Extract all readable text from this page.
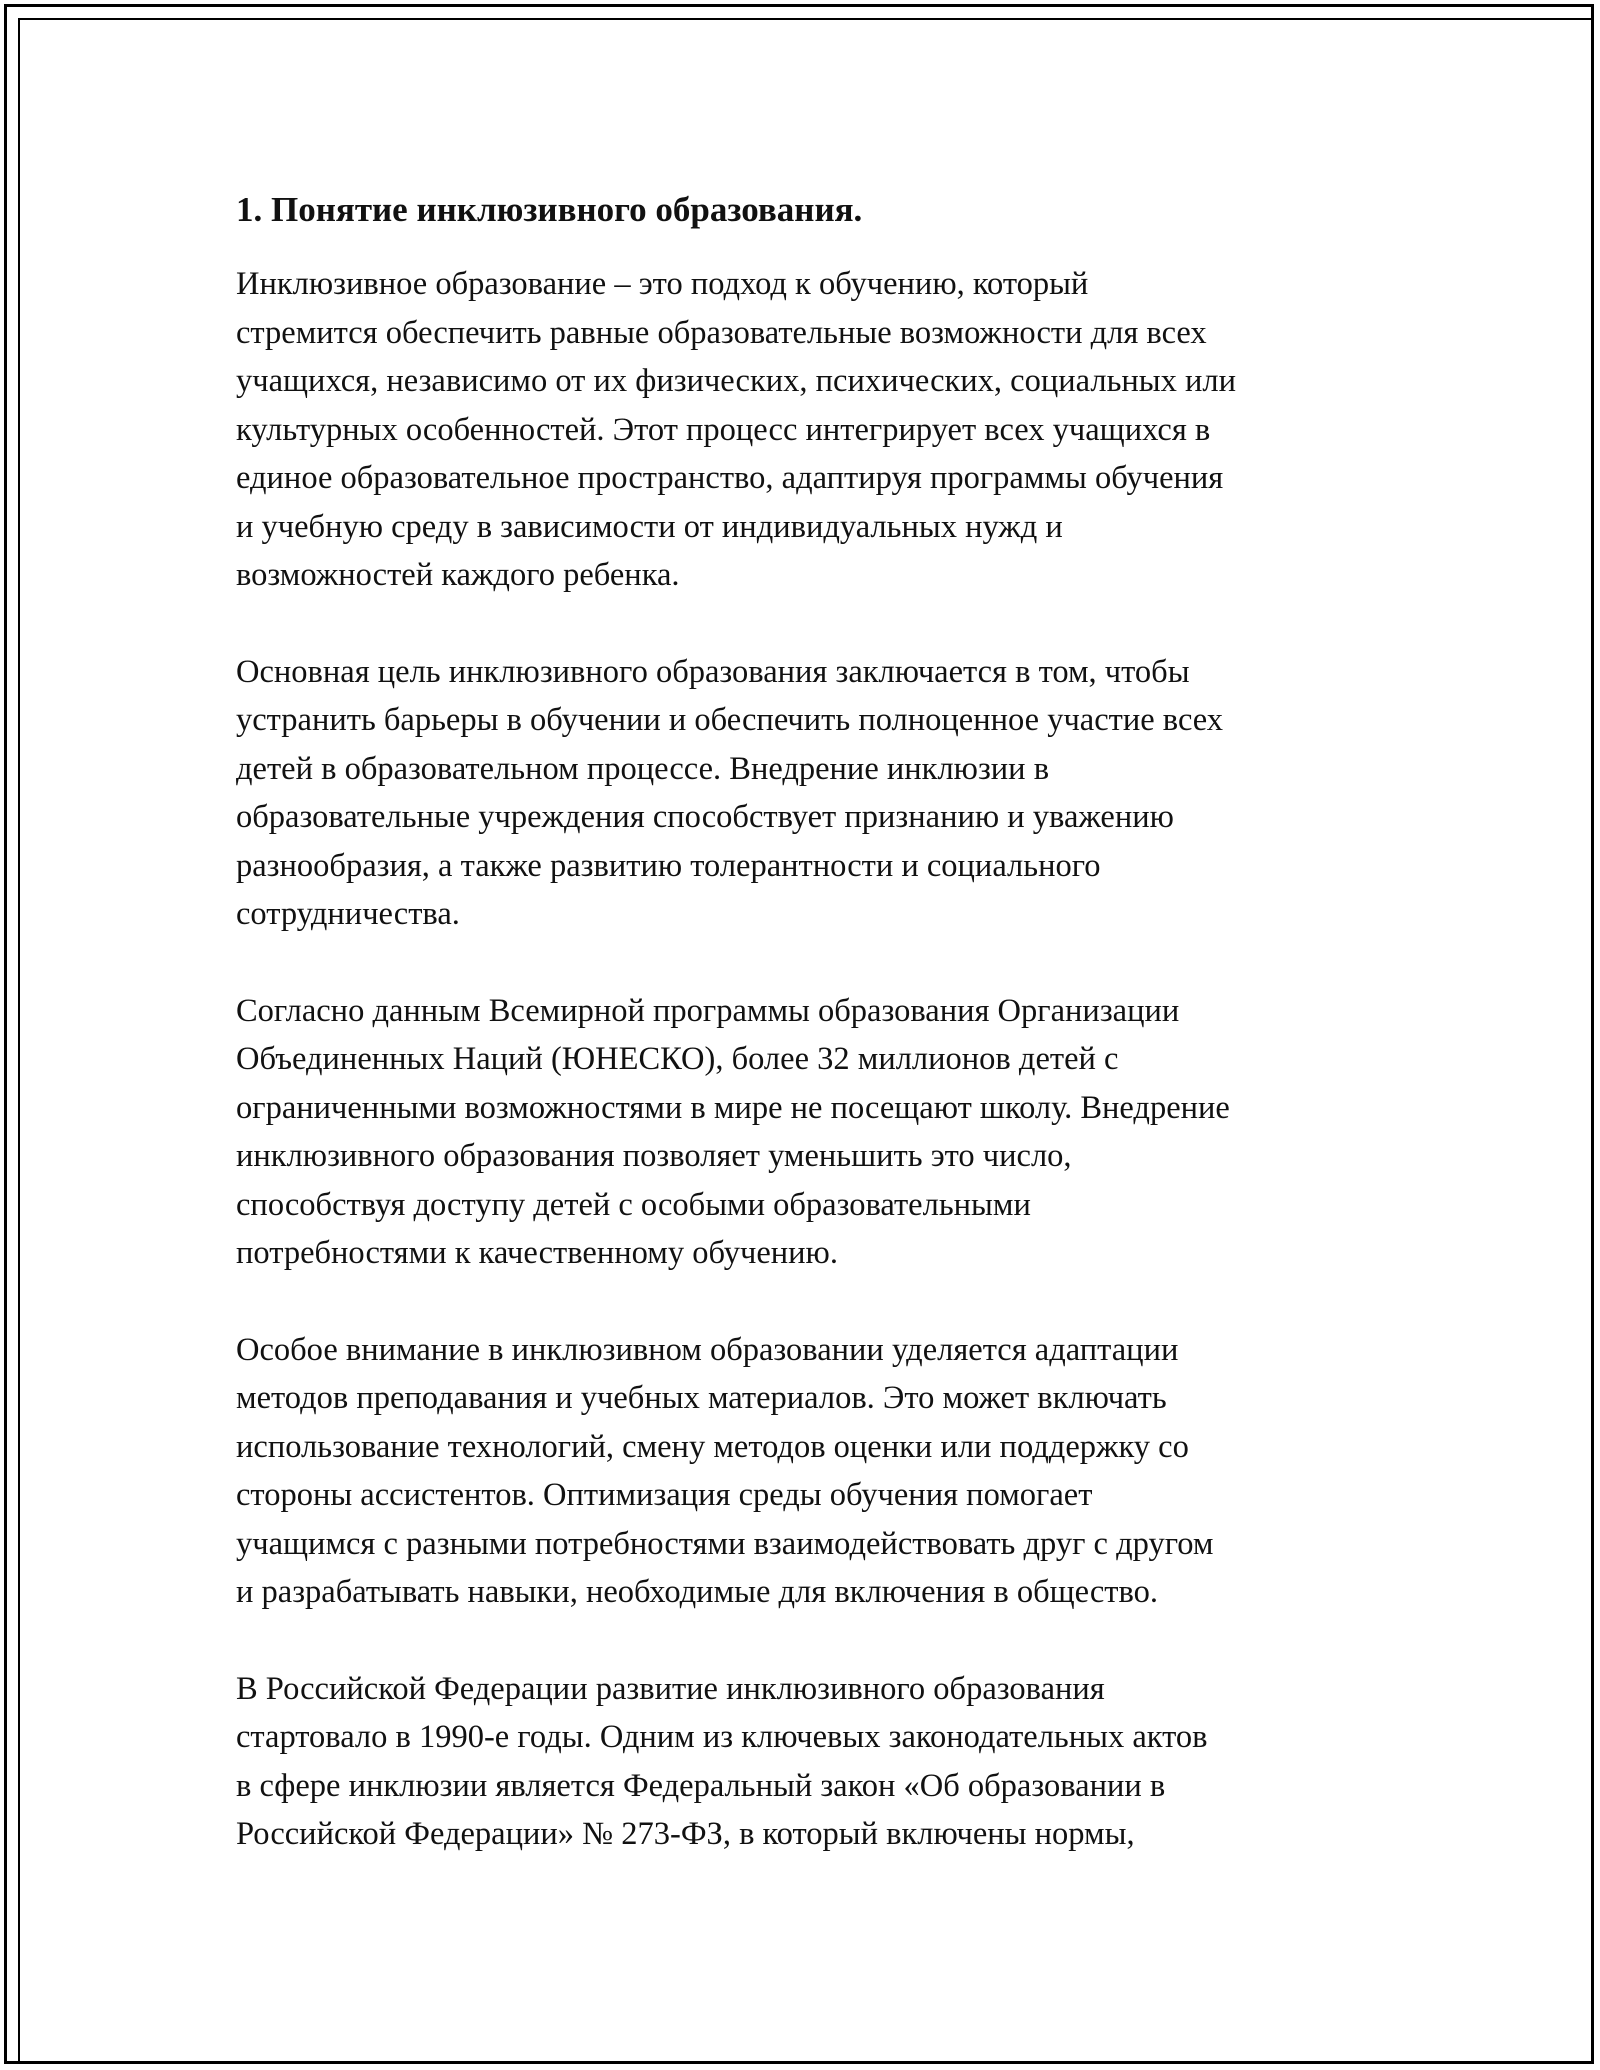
1. Понятие инклюзивного образования.
Инклюзивное образование – это подход к обучению, который
стремится обеспечить равные образовательные возможности для всех
учащихся, независимо от их физических, психических, социальных или
культурных особенностей. Этот процесс интегрирует всех учащихся в
единое образовательное пространство, адаптируя программы обучения
и учебную среду в зависимости от индивидуальных нужд и
возможностей каждого ребенка.
Основная цель инклюзивного образования заключается в том, чтобы
устранить барьеры в обучении и обеспечить полноценное участие всех
детей в образовательном процессе. Внедрение инклюзии в
образовательные учреждения способствует признанию и уважению
разнообразия, а также развитию толерантности и социального
сотрудничества.
Согласно данным Всемирной программы образования Организации
Объединенных Наций (ЮНЕСКО), более 32 миллионов детей с
ограниченными возможностями в мире не посещают школу. Внедрение
инклюзивного образования позволяет уменьшить это число,
способствуя доступу детей с особыми образовательными
потребностями к качественному обучению.
Особое внимание в инклюзивном образовании уделяется адаптации
методов преподавания и учебных материалов. Это может включать
использование технологий, смену методов оценки или поддержку со
стороны ассистентов. Оптимизация среды обучения помогает
учащимся с разными потребностями взаимодействовать друг с другом
и разрабатывать навыки, необходимые для включения в общество.
В Российской Федерации развитие инклюзивного образования
стартовало в 1990-е годы. Одним из ключевых законодательных актов
в сфере инклюзии является Федеральный закон «Об образовании в
Российской Федерации» № 273-ФЗ, в который включены нормы,
